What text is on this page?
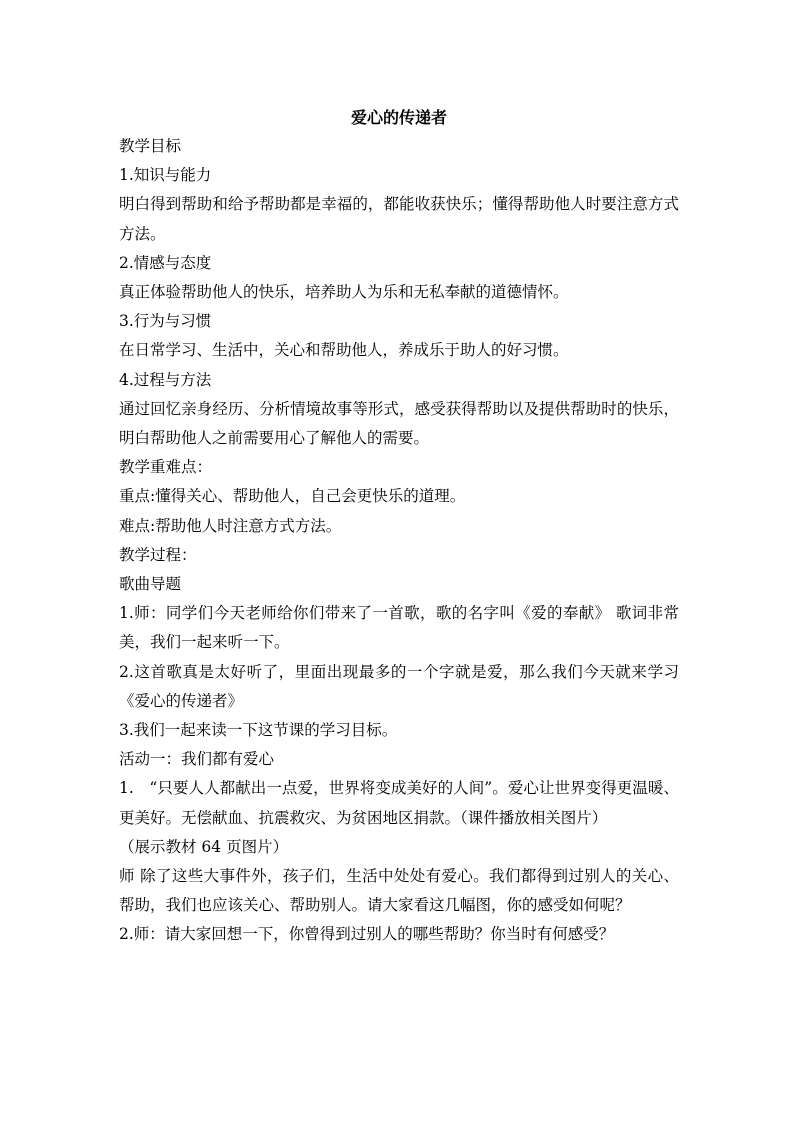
爱心的传递者

教学目标

1.知识与能力

明白得到帮助和给予帮助都是幸福的，都能收获快乐；懂得帮助他人时要注意方式方法。

2.情感与态度

真正体验帮助他人的快乐，培养助人为乐和无私奉献的道德情怀。

3.行为与习惯

在日常学习、生活中，关心和帮助他人，养成乐于助人的好习惯。

4.过程与方法

通过回忆亲身经历、分析情境故事等形式，感受获得帮助以及提供帮助时的快乐，明白帮助他人之前需要用心了解他人的需要。

教学重难点：

重点:懂得关心、帮助他人，自己会更快乐的道理。

难点:帮助他人时注意方式方法。

教学过程：

歌曲导题

1.师：同学们今天老师给你们带来了一首歌，歌的名字叫《爱的奉献》 歌词非常美，我们一起来听一下。

2.这首歌真是太好听了，里面出现最多的一个字就是爱，那么我们今天就来学习《爱心的传递者》

3.我们一起来读一下这节课的学习目标。

活动一：我们都有爱心

1.　“只要人人都献出一点爱，世界将变成美好的人间”。爱心让世界变得更温暖、更美好。无偿献血、抗震救灾、为贫困地区捐款。（课件播放相关图片）

（展示教材 64 页图片）

师 除了这些大事件外，孩子们，生活中处处有爱心。我们都得到过别人的关心、帮助，我们也应该关心、帮助别人。请大家看这几幅图，你的感受如何呢？

2.师：请大家回想一下，你曾得到过别人的哪些帮助？你当时有何感受？
